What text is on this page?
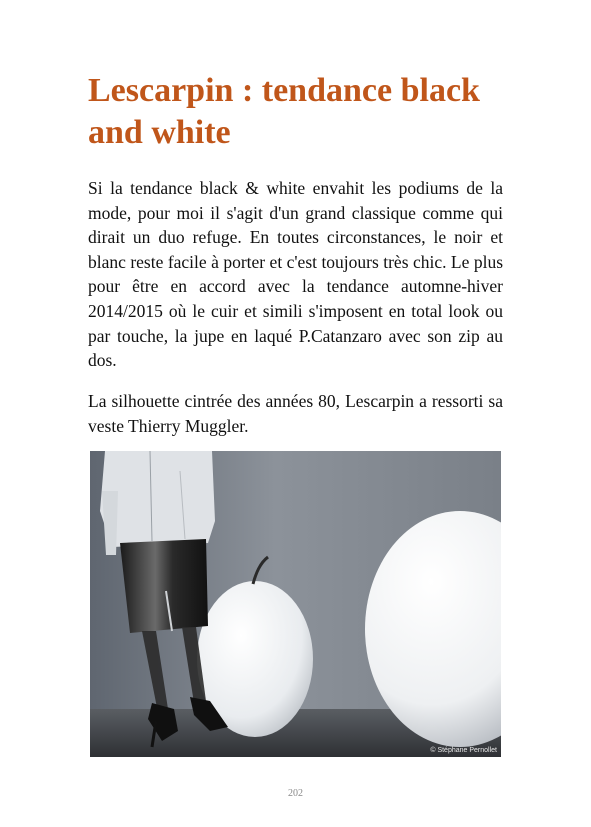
Lescarpin : tendance black and white

Si la tendance black & white envahit les podiums de la mode, pour moi il s'agit d'un grand classique comme qui dirait un duo refuge. En toutes circonstances, le noir et blanc reste facile à porter et c'est toujours très chic. Le plus pour être en accord avec la tendance automne-hiver 2014/2015 où le cuir et simili s'imposent en total look ou par touche, la jupe en laqué P.Catanzaro avec son zip au dos.

La silhouette cintrée des années 80, Lescarpin a ressorti sa veste Thierry Muggler.

© Stéphane Pernollet
202
